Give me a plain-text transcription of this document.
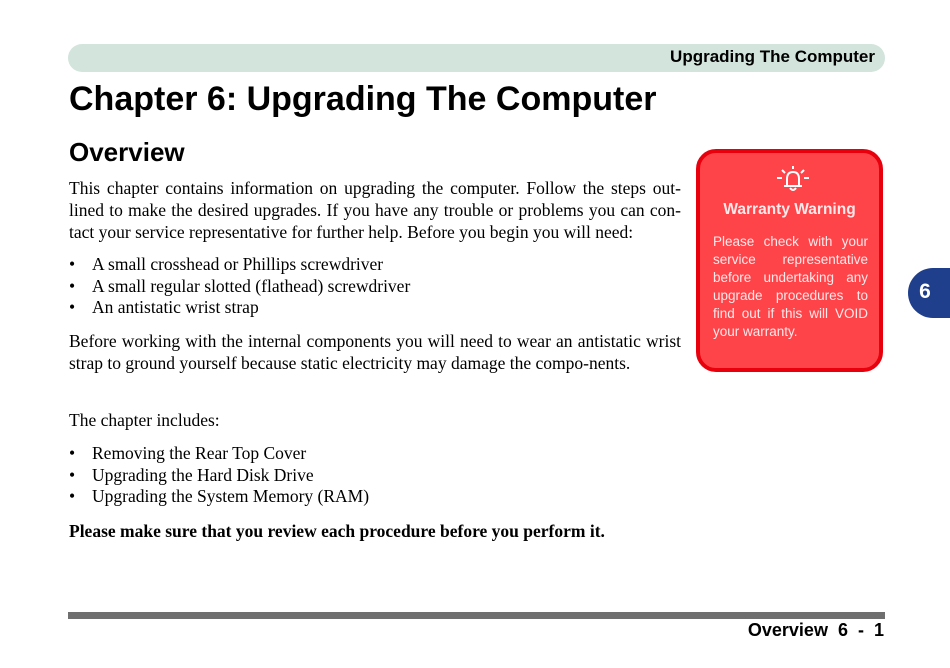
Upgrading The Computer
Chapter 6: Upgrading The Computer
Overview

This chapter contains information on upgrading the computer. Follow the steps out-lined to make the desired upgrades. If you have any trouble or problems you can con-tact your service representative for further help. Before you begin you will need:

• A small crosshead or Phillips screwdriver
• A small regular slotted (flathead) screwdriver
• An antistatic wrist strap

Before working with the internal components you will need to wear an antistatic wrist strap to ground yourself because static electricity may damage the compo-nents.

The chapter includes:

• Removing the Rear Top Cover
• Upgrading the Hard Disk Drive
• Upgrading the System Memory (RAM)

Please make sure that you review each procedure before you perform it.

Warranty Warning
Please check with your service representative before undertaking any upgrade procedures to find out if this will VOID your warranty.
6
Overview 6  -  1
